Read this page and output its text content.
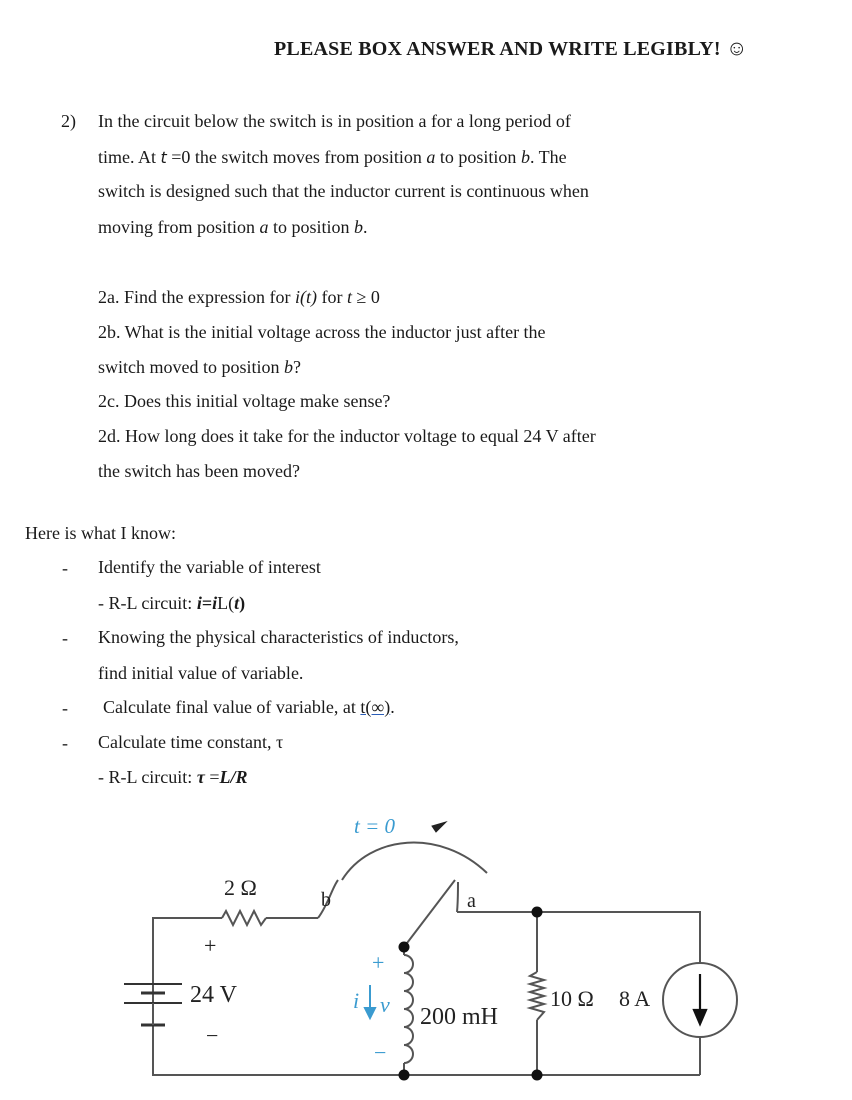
PLEASE BOX ANSWER AND WRITE LEGIBLY! ☺
2) In the circuit below the switch is in position a for a long period of
time. At t =0 the switch moves from position a to position b. The
switch is designed such that the inductor current is continuous when
moving from position a to position b.
2a. Find the expression for i(t) for t ≥ 0
2b. What is the initial voltage across the inductor just after the
switch moved to position b?
2c. Does this initial voltage make sense?
2d. How long does it take for the inductor voltage to equal 24 V after
the switch has been moved?
Here is what I know:
- Identify the variable of interest
- R-L circuit: i=iL(t)
- Knowing the physical characteristics of inductors,
find initial value of variable.
- Calculate final value of variable, at t(∞).
- Calculate time constant, τ
- R-L circuit: τ =L/R
t = 0
b	a
2 Ω
+
24 V
−
+
i v
−
200 mH
10 Ω 8 A
